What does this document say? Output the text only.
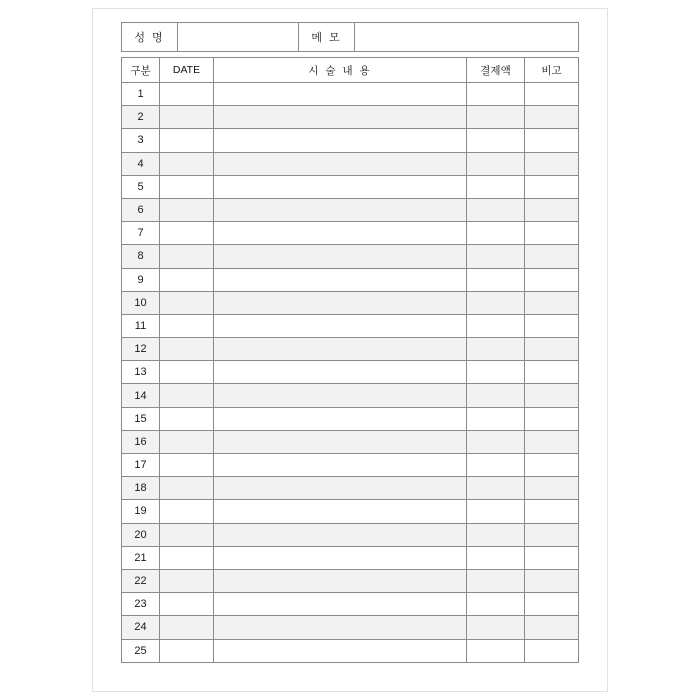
성 명	메 모
구분	DATE	시 술 내 용	결제액	비고
1
2
3
4
5
6
7
8
9
10
11
12
13
14
15
16
17
18
19
20
21
22
23
24
25
